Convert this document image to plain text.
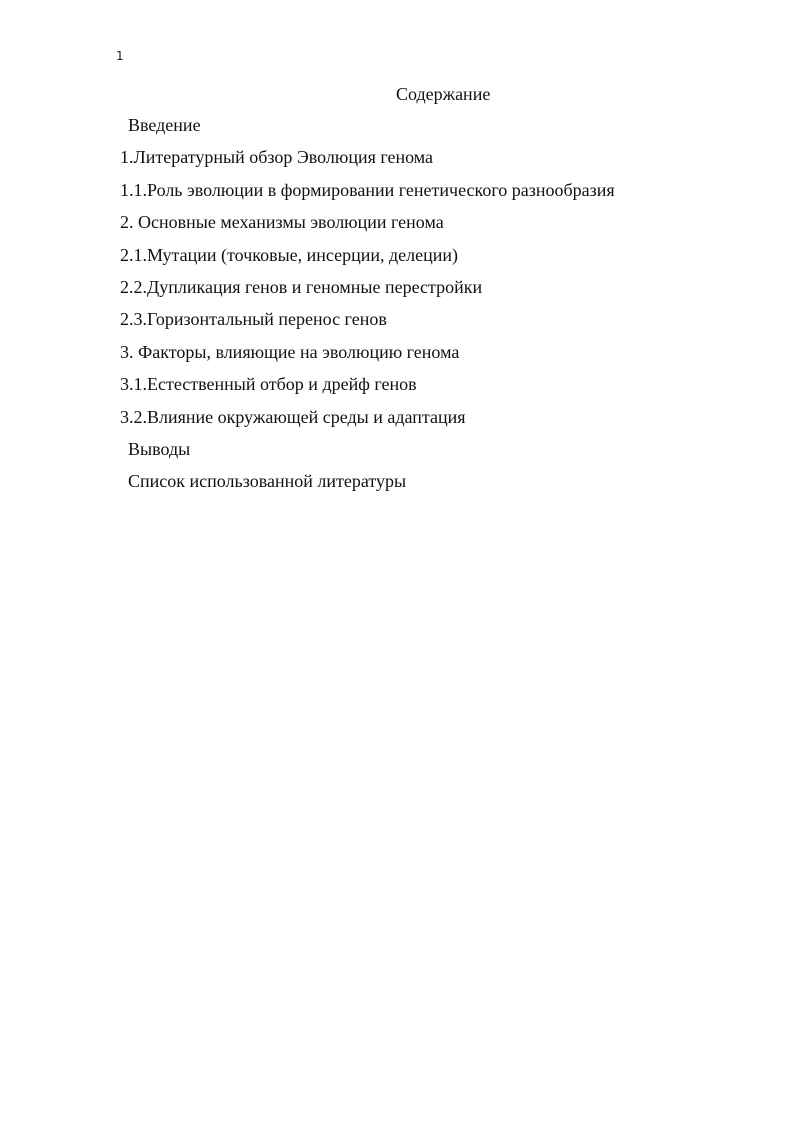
1
Содержание
Введение
1.Литературный обзор Эволюция генома
1.1.Роль эволюции в формировании генетического разнообразия
2. Основные механизмы эволюции генома
2.1.Мутации (точковые, инсерции, делеции)
2.2.Дупликация генов и геномные перестройки
2.3.Горизонтальный перенос генов
3. Факторы, влияющие на эволюцию генома
3.1.Естественный отбор и дрейф генов
3.2.Влияние окружающей среды и адаптация
Выводы
Список использованной литературы
